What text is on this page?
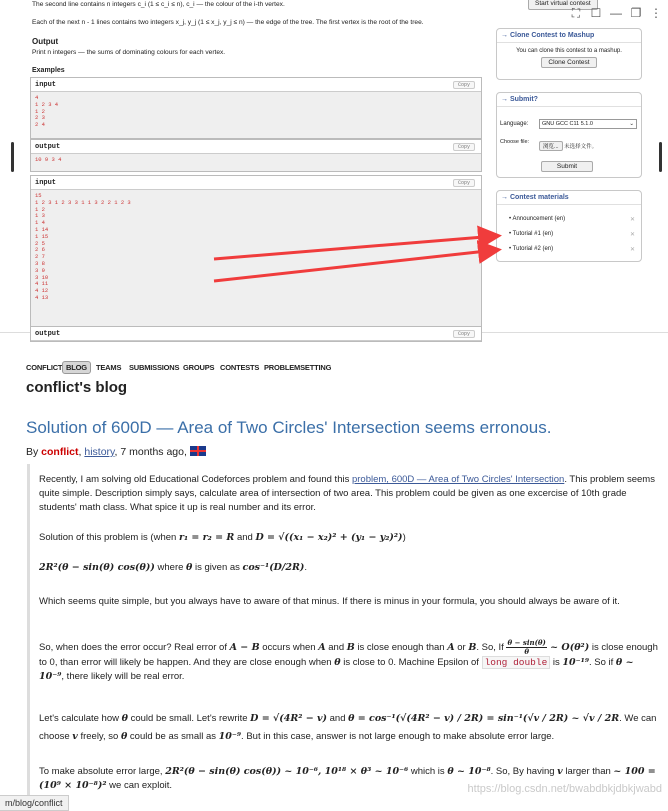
The second line contains n integers c_i (1 ≤ c_i ≤ n), c_i — the colour of the i-th vertex.
Each of the next n - 1 lines contains two integers x_j, y_j (1 ≤ x_j, y_j ≤ n) — the edge of the tree. The first vertex is the root of the tree.
Output
Print n integers — the sums of dominating colours for each vertex.
Examples
input	Copy
4
1 2 3 4
1 2
2 3
2 4
output	Copy
10 9 3 4
input	Copy
15
1 2 3 1 2 3 3 1 1 3 2 2 1 2 3
1 2
1 3
1 4
1 14
1 15
2 5
2 6
2 7
3 8
3 9
3 10
4 11
4 12
4 13
output	Copy
Start virtual contest
→ Clone Contest to Mashup
You can clone this contest to a mashup.
Clone Contest
→ Submit?
Language:	GNU GCC C11 5.1.0	⌄
Choose file:
浏览... 未选择文件。
Submit
→ Contest materials
• Announcement (en)	✕
• Tutorial #1 (en)	✕
• Tutorial #2 (en)	✕
⛶ ☐ — ❐ ⋮
CONFLICT BLOG	TEAMS SUBMISSIONS GROUPS CONTESTS PROBLEMSETTING
conflict's blog
Solution of 600D — Area of Two Circles' Intersection seems erronous.
By conflict, history, 7 months ago,
Recently, I am solving old Educational Codeforces problem and found this problem, 600D — Area of Two Circles' Intersection. This problem seems quite simple. Description simply says, calculate area of intersection of two area. This problem could be given as one excercise of 10th grade students' math class. What spice it up is real number and its error.
Solution of this problem is (when r₁ = r₂ = R and D = √((x₁ − x₂)² + (y₁ − y₂)²))
2R²(θ − sin(θ) cos(θ)) where θ is given as cos⁻¹(D/2R).
Which seems quite simple, but you always have to aware of that minus. If there is minus in your formula, you should always be aware of it.
So, when does the error occur? Real error of A − B occurs when A and B is close enough than A or B. So, If $\frac{\theta - \sin(\theta)}{\theta}$ ~ O(θ²) is close enough to 0, than error will likely be happen. And they are close enough when θ is close to 0. Machine Epsilon of long double is 10⁻¹⁹. So if θ ~ 10⁻⁹, there likely will be real error.
Let's calculate how θ could be small. Let's rewrite D = √(4R² − v) and θ = cos⁻¹(√(4R² − v) / 2R) = sin⁻¹(√v / 2R) ~ √v / 2R. We can choose v freely, so θ could be as small as 10⁻⁹. But in this case, answer is not large enough to make absolute error large.
To make absolute error large, 2R²(θ − sin(θ) cos(θ)) ~ 10⁻⁶, 10¹⁸ × θ³ ~ 10⁻⁶ which is θ ~ 10⁻⁸. So, By having v larger than ~ 100 = (10⁹ × 10⁻⁸)² we can exploit.	https://blog.csdn.net/bwabdbkjdbkjwabd
m/blog/conflict
